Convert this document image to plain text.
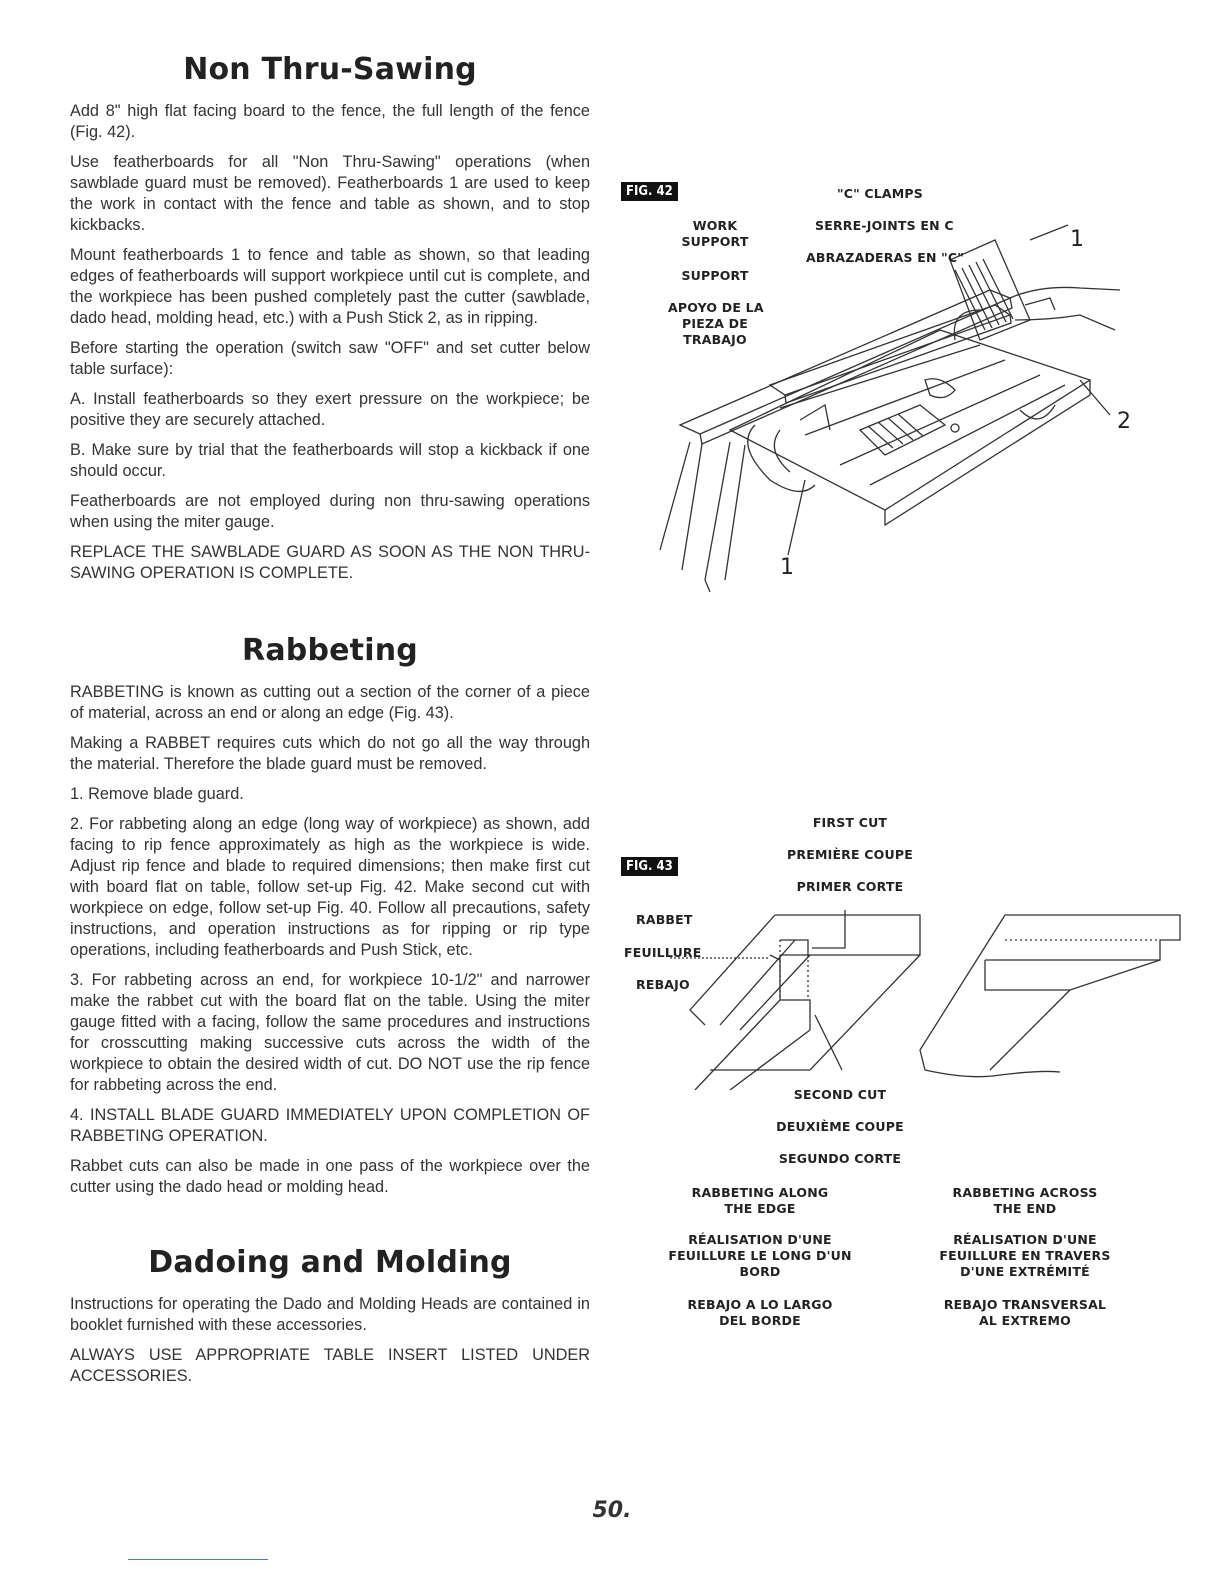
Non Thru-Sawing

Add 8" high flat facing board to the fence, the full length of the fence (Fig. 42).

Use featherboards for all "Non Thru-Sawing" operations (when sawblade guard must be removed). Featherboards 1 are used to keep the work in contact with the fence and table as shown, and to stop kickbacks.

Mount featherboards 1 to fence and table as shown, so that leading edges of featherboards will support workpiece until cut is complete, and the workpiece has been pushed completely past the cutter (sawblade, dado head, molding head, etc.) with a Push Stick 2, as in ripping.

Before starting the operation (switch saw "OFF" and set cutter below table surface):

A. Install featherboards so they exert pressure on the workpiece; be positive they are securely attached.

B. Make sure by trial that the featherboards will stop a kickback if one should occur.

Featherboards are not employed during non thru-sawing operations when using the miter gauge.

REPLACE THE SAWBLADE GUARD AS SOON AS THE NON THRU-SAWING OPERATION IS COMPLETE.

Rabbeting

RABBETING is known as cutting out a section of the corner of a piece of material, across an end or along an edge (Fig. 43).

Making a RABBET requires cuts which do not go all the way through the material. Therefore the blade guard must be removed.

1. Remove blade guard.

2. For rabbeting along an edge (long way of workpiece) as shown, add facing to rip fence approximately as high as the workpiece is wide. Adjust rip fence and blade to required dimensions; then make first cut with board flat on table, follow set-up Fig. 42. Make second cut with workpiece on edge, follow set-up Fig. 40. Follow all precautions, safety instructions, and operation instructions as for ripping or rip type operations, including featherboards and Push Stick, etc.

3. For rabbeting across an end, for workpiece 10-1/2" and narrower make the rabbet cut with the board flat on the table. Using the miter gauge fitted with a facing, follow the same procedures and instructions for crosscutting making successive cuts across the width of the workpiece to obtain the desired width of cut. DO NOT use the rip fence for rabbeting across the end.

4. INSTALL BLADE GUARD IMMEDIATELY UPON COMPLETION OF RABBETING OPERATION.

Rabbet cuts can also be made in one pass of the workpiece over the cutter using the dado head or molding head.

Dadoing and Molding

Instructions for operating the Dado and Molding Heads are contained in booklet furnished with these accessories.

ALWAYS USE APPROPRIATE TABLE INSERT LISTED UNDER ACCESSORIES.

FIG. 42	"C" CLAMPS
SERRE-JOINTS EN C
ABRAZADERAS EN "C"
WORK
SUPPORT
SUPPORT
APOYO DE LA
PIEZA DE
TRABAJO
1
2
1
FIG. 43
FIRST CUT
PREMIÈRE COUPE
PRIMER CORTE
RABBET
FEUILLURE
REBAJO
SECOND CUT
DEUXIÈME COUPE
SEGUNDO CORTE
RABBETING ALONG
THE EDGE
RÉALISATION D'UNE
FEUILLURE LE LONG D'UN
BORD
REBAJO A LO LARGO
DEL BORDE
RABBETING ACROSS
THE END
RÉALISATION D'UNE
FEUILLURE EN TRAVERS
D'UNE EXTRÉMITÉ
REBAJO TRANSVERSAL
AL EXTREMO
50.
